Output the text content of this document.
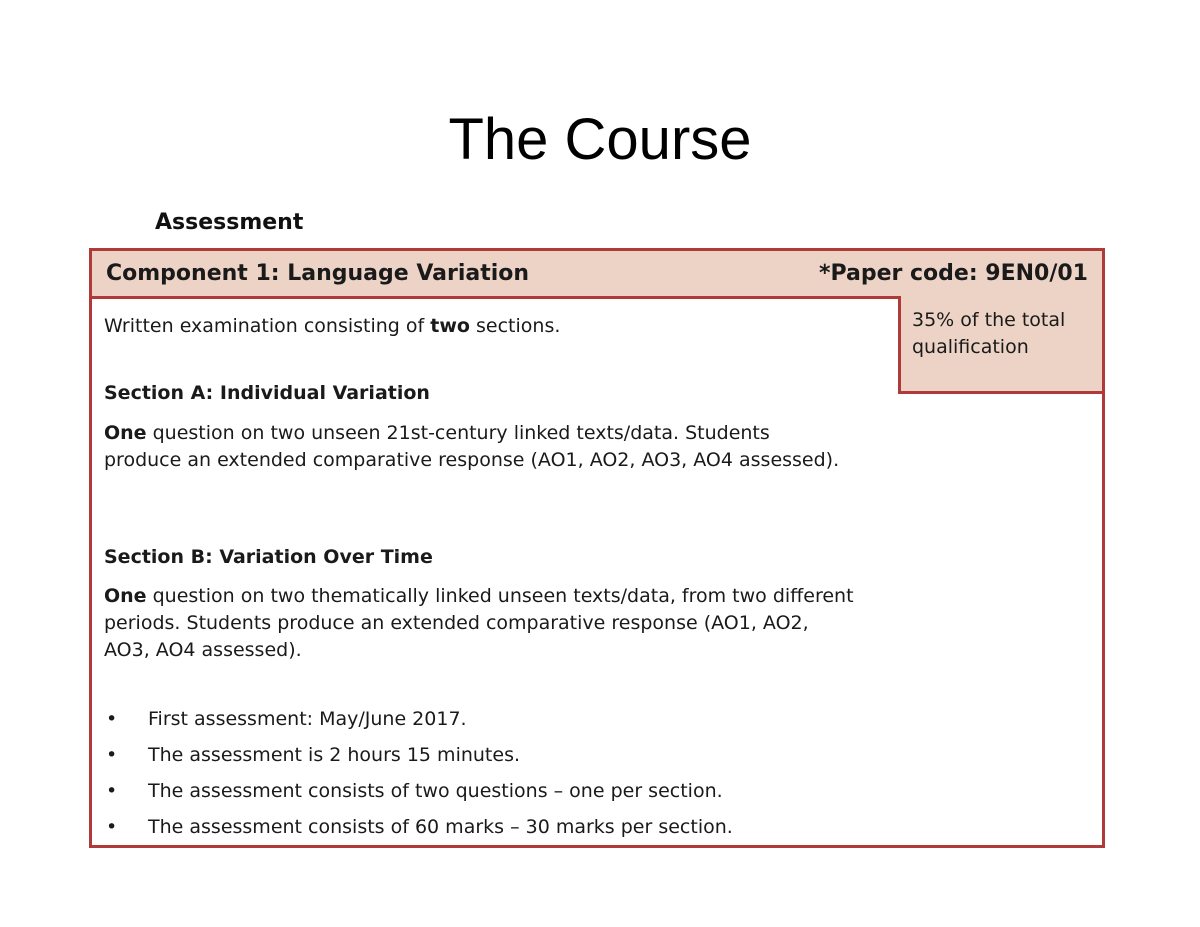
The Course
Assessment
Component 1: Language Variation	*Paper code: 9EN0/01
35% of the total qualification

Written examination consisting of two sections.

Section A: Individual Variation

One question on two unseen 21st-century linked texts/data. Students produce an extended comparative response (AO1, AO2, AO3, AO4 assessed).

Section B: Variation Over Time

One question on two thematically linked unseen texts/data, from two different periods. Students produce an extended comparative response (AO1, AO2, AO3, AO4 assessed).

• First assessment: May/June 2017.
• The assessment is 2 hours 15 minutes.
• The assessment consists of two questions – one per section.
• The assessment consists of 60 marks – 30 marks per section.
